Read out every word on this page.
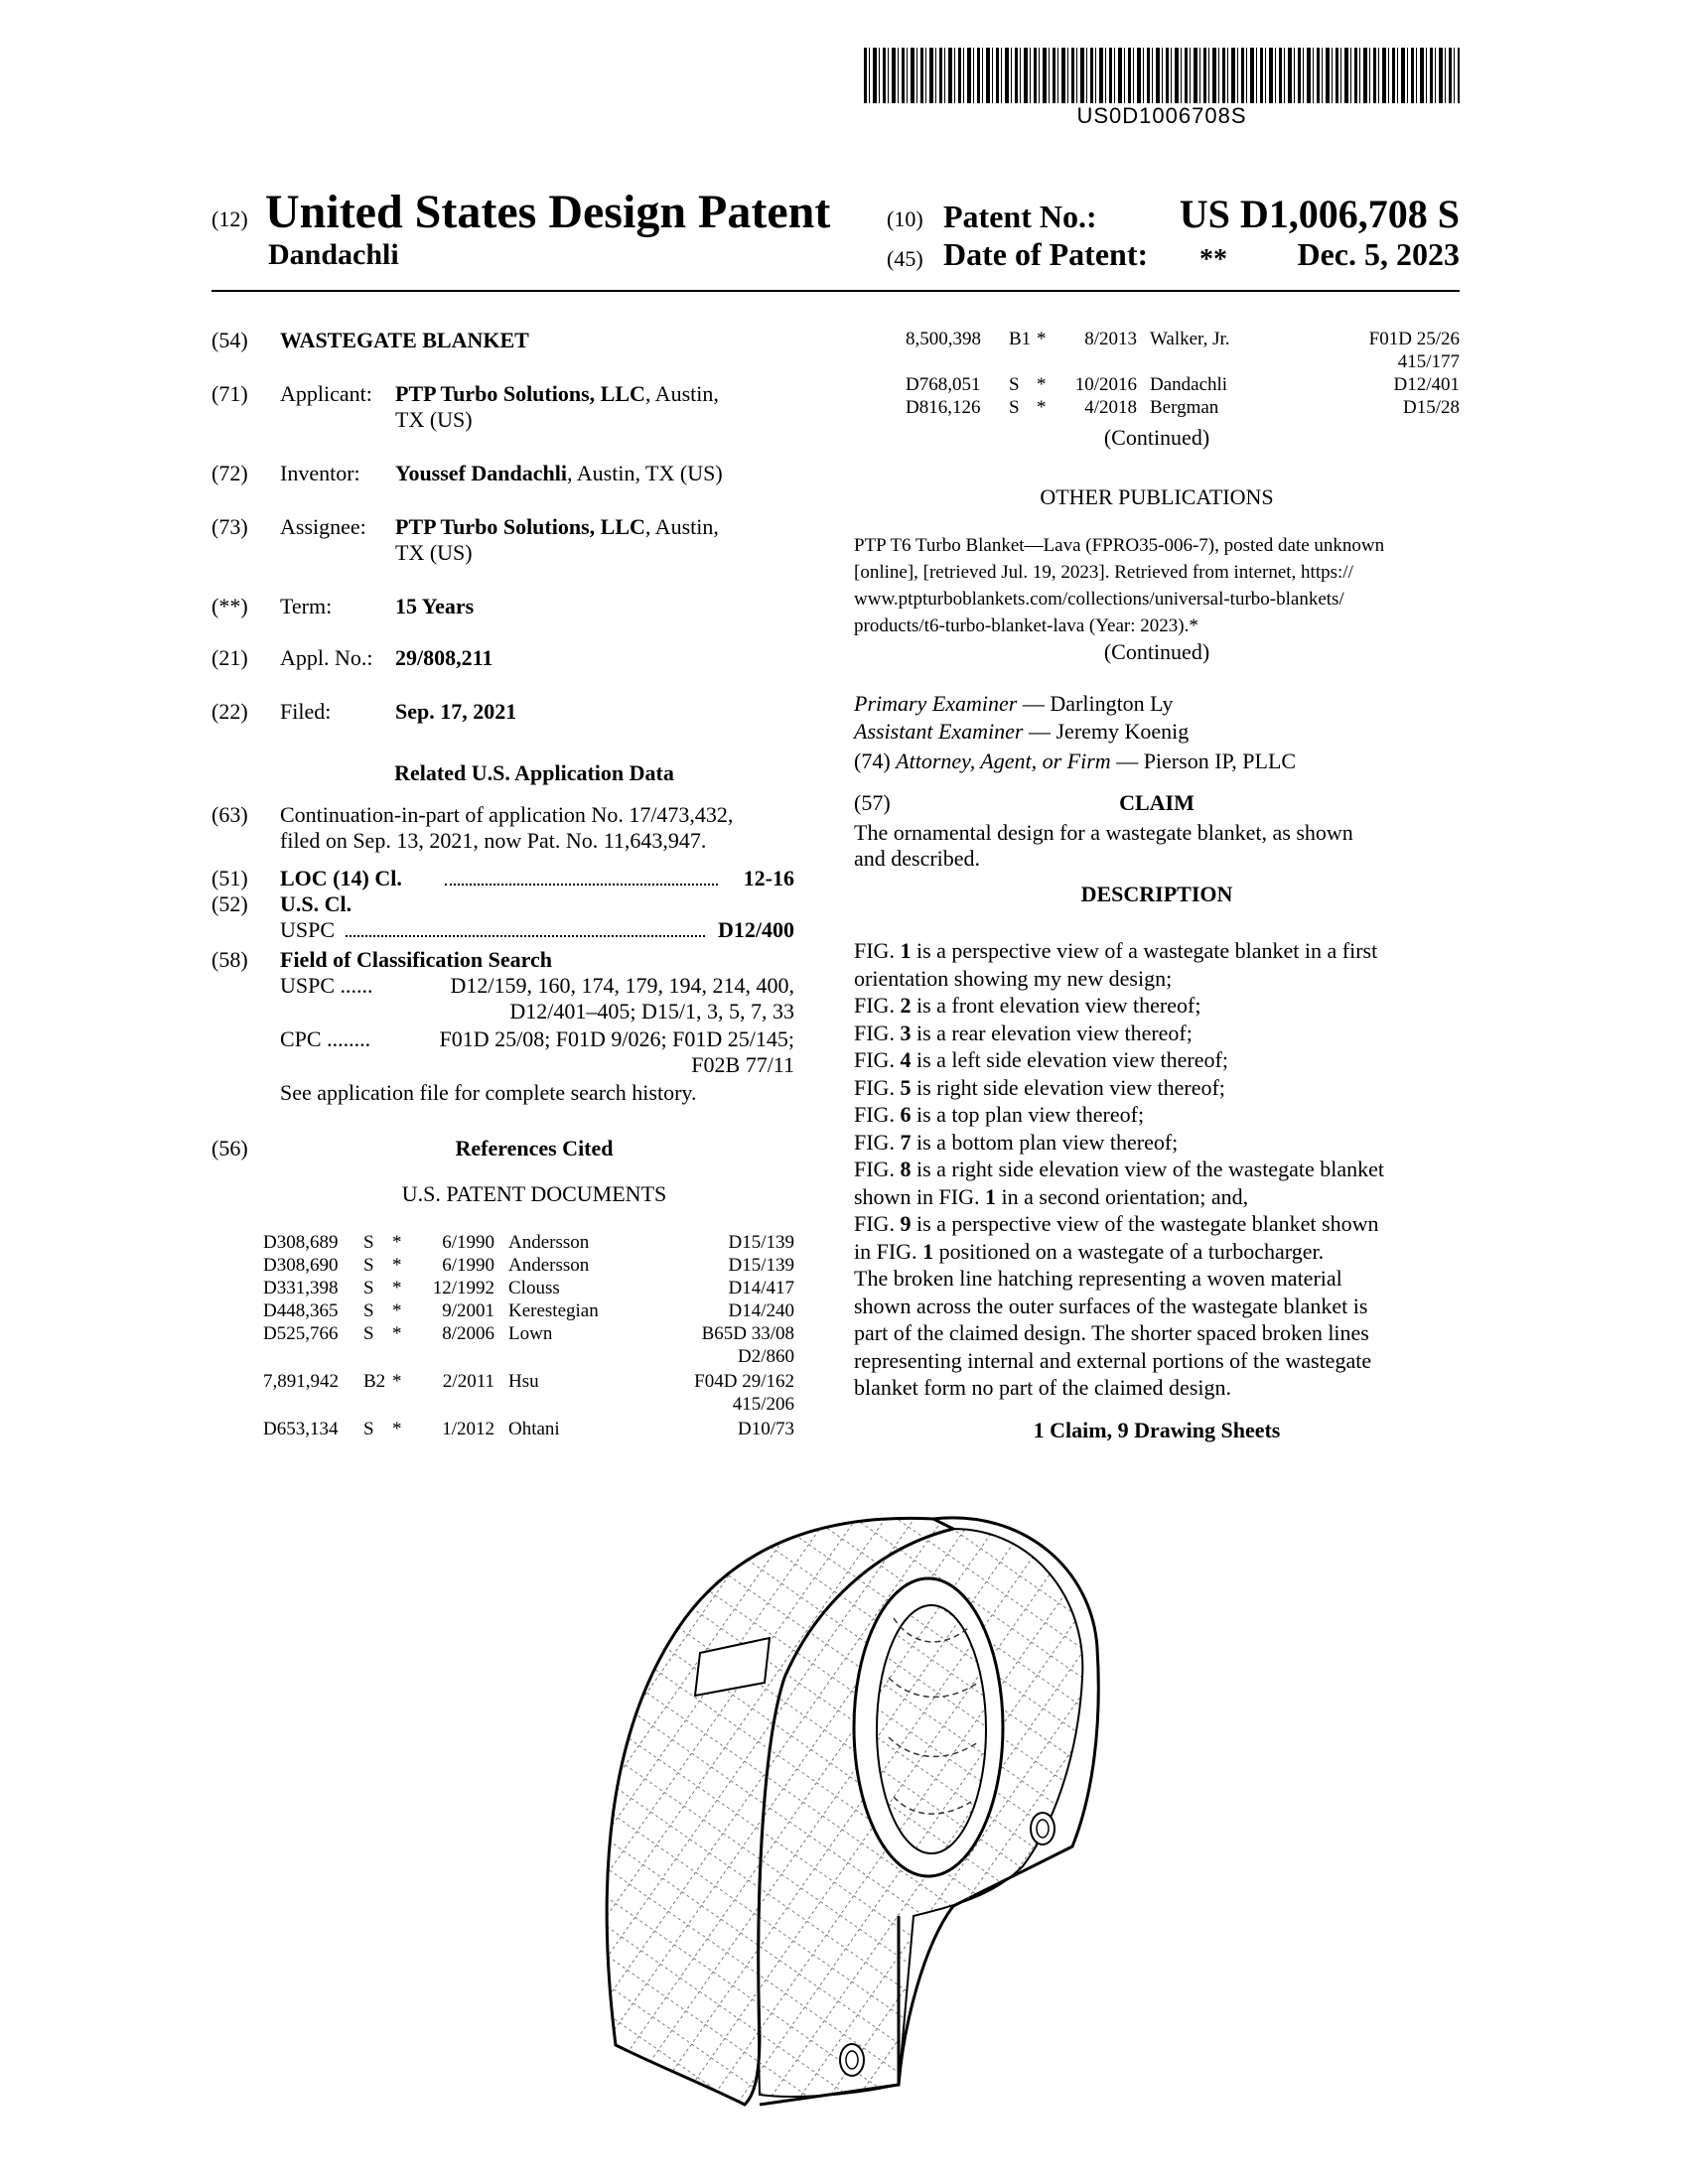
US0D1006708S
(12) United States Design Patent
Dandachli
(10) Patent No.:	US D1,006,708 S
(45) Date of Patent: **	Dec. 5, 2023
(54) WASTEGATE BLANKET
(71) Applicant: PTP Turbo Solutions, LLC, Austin,
TX (US)
(72) Inventor: Youssef Dandachli, Austin, TX (US)
(73) Assignee: PTP Turbo Solutions, LLC, Austin,
TX (US)
(**) Term:	15 Years
(21) Appl. No.: 29/808,211
(22) Filed:	Sep. 17, 2021
Related U.S. Application Data
(63) Continuation-in-part of application No. 17/473,432,
filed on Sep. 13, 2021, now Pat. No. 11,643,947.
(51) LOC (14) Cl.	12-16
(52) U.S. Cl.
USPC	D12/400
(58) Field of Classification Search
USPC ......	D12/159, 160, 174, 179, 194, 214, 400,
D12/401–405; D15/1, 3, 5, 7, 33
CPC ........	F01D 25/08; F01D 9/026; F01D 25/145;
F02B 77/11
See application file for complete search history.
(56)	References Cited
U.S. PATENT DOCUMENTS
D308,689 S *	6/1990 Andersson	D15/139
D308,690 S *	6/1990 Andersson	D15/139
D331,398 S *	12/1992 Clouss	D14/417
D448,365 S *	9/2001 Kerestegian	D14/240
D525,766 S *	8/2006 Lown	B65D 33/08
D2/860
7,891,942 B2 *	2/2011 Hsu	F04D 29/162
415/206
D653,134 S *	1/2012 Ohtani	D10/73
8,500,398 B1 *	8/2013 Walker, Jr.	F01D 25/26
415/177
D768,051 S *	10/2016 Dandachli	D12/401
D816,126 S *	4/2018 Bergman	D15/28
(Continued)
OTHER PUBLICATIONS
PTP T6 Turbo Blanket—Lava (FPRO35-006-7), posted date unknown
[online], [retrieved Jul. 19, 2023]. Retrieved from internet, https://
www.ptpturboblankets.com/collections/universal-turbo-blankets/
products/t6-turbo-blanket-lava (Year: 2023).*
(Continued)
Primary Examiner — Darlington Ly
Assistant Examiner — Jeremy Koenig
(74) Attorney, Agent, or Firm — Pierson IP, PLLC
(57)	CLAIM
The ornamental design for a wastegate blanket, as shown
and described.
DESCRIPTION
FIG. 1 is a perspective view of a wastegate blanket in a first
orientation showing my new design;
FIG. 2 is a front elevation view thereof;
FIG. 3 is a rear elevation view thereof;
FIG. 4 is a left side elevation view thereof;
FIG. 5 is right side elevation view thereof;
FIG. 6 is a top plan view thereof;
FIG. 7 is a bottom plan view thereof;
FIG. 8 is a right side elevation view of the wastegate blanket
shown in FIG. 1 in a second orientation; and,
FIG. 9 is a perspective view of the wastegate blanket shown
in FIG. 1 positioned on a wastegate of a turbocharger.
The broken line hatching representing a woven material
shown across the outer surfaces of the wastegate blanket is
part of the claimed design. The shorter spaced broken lines
representing internal and external portions of the wastegate
blanket form no part of the claimed design.
1 Claim, 9 Drawing Sheets
